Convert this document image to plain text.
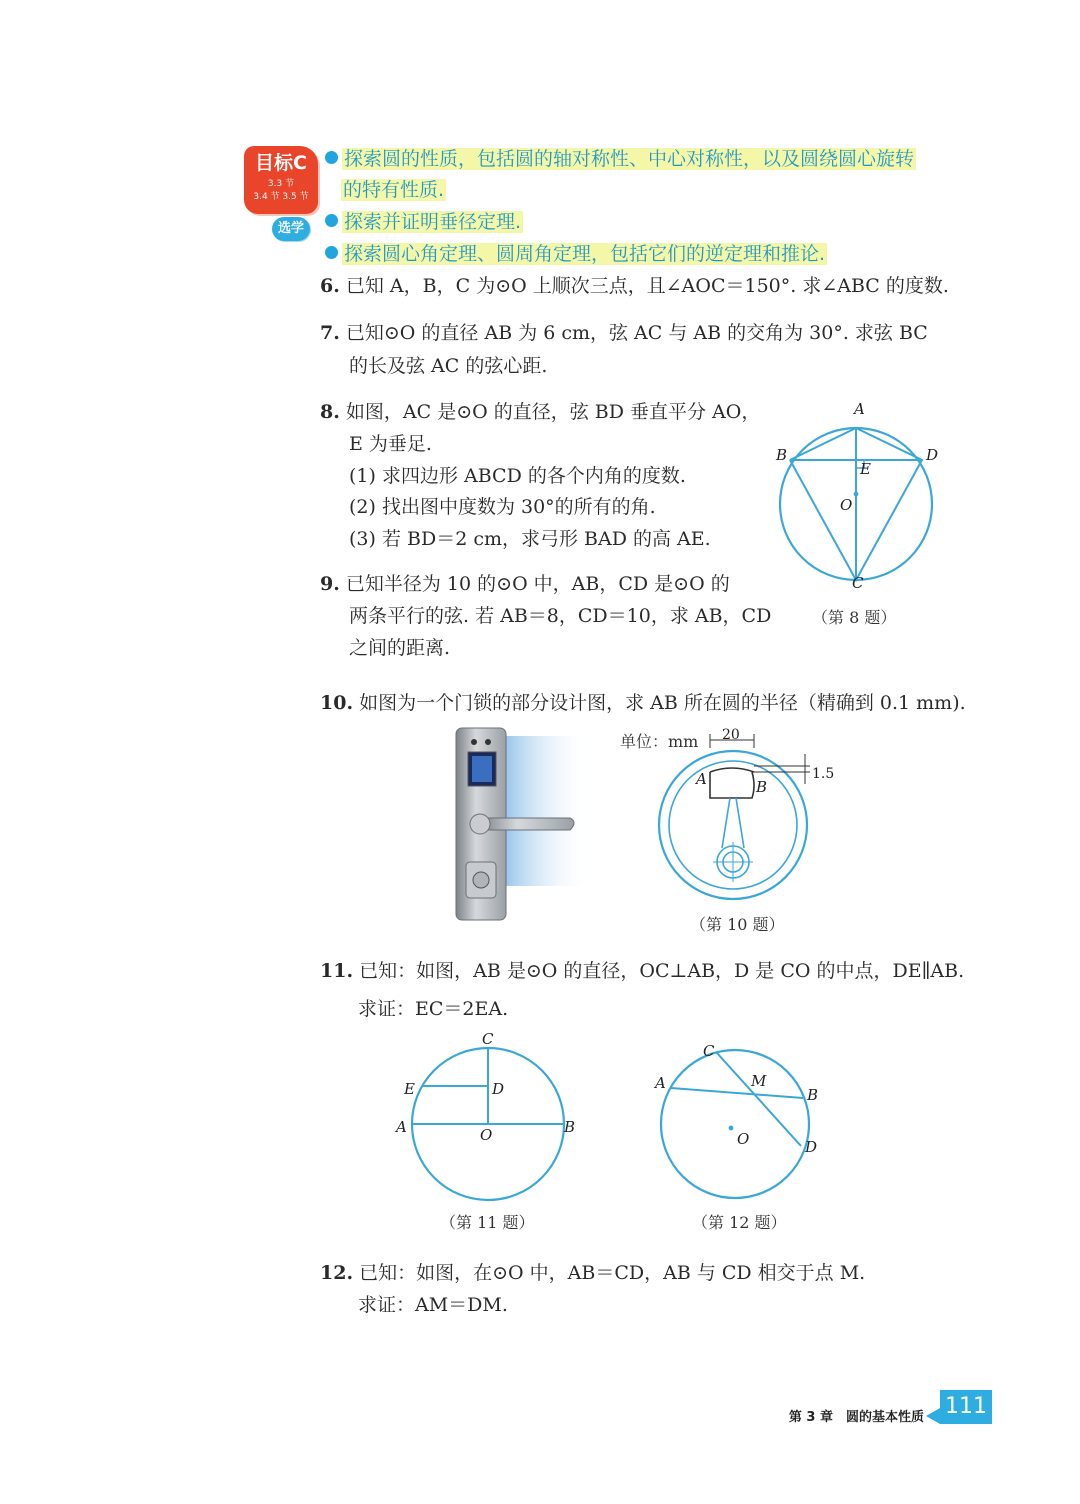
目标C
3.3 节
3.4 节 3.5 节
选学
探索圆的性质，包括圆的轴对称性、中心对称性，以及圆绕圆心旋转
的特有性质.
探索并证明垂径定理.
探索圆心角定理、圆周角定理，包括它们的逆定理和推论.
6. 已知 A，B，C 为⊙O 上顺次三点，且∠AOC＝150°. 求∠ABC 的度数.
7. 已知⊙O 的直径 AB 为 6 cm，弦 AC 与 AB 的交角为 30°. 求弦 BC
的长及弦 AC 的弦心距.
8. 如图，AC 是⊙O 的直径，弦 BD 垂直平分 AO，
E 为垂足.
(1) 求四边形 ABCD 的各个内角的度数.
(2) 找出图中度数为 30°的所有的角.
(3) 若 BD＝2 cm，求弓形 BAD 的高 AE.
A
B	D
E
O
C
（第 8 题）
9. 已知半径为 10 的⊙O 中，AB，CD 是⊙O 的
两条平行的弦. 若 AB＝8，CD＝10，求 AB，CD
之间的距离.
10. 如图为一个门锁的部分设计图，求 AB 所在圆的半径（精确到 0.1 mm).
单位：mm 20
1.5
A	B
（第 10 题）
11. 已知：如图，AB 是⊙O 的直径，OC⊥AB，D 是 CO 的中点，DE∥AB.
求证：EC＝2EA.
C
E	D
A	O	B
（第 11 题）
C
A	M
B
O	D
（第 12 题）
12. 已知：如图，在⊙O 中，AB＝CD，AB 与 CD 相交于点 M.
求证：AM＝DM.
第 3 章　圆的基本性质 111
